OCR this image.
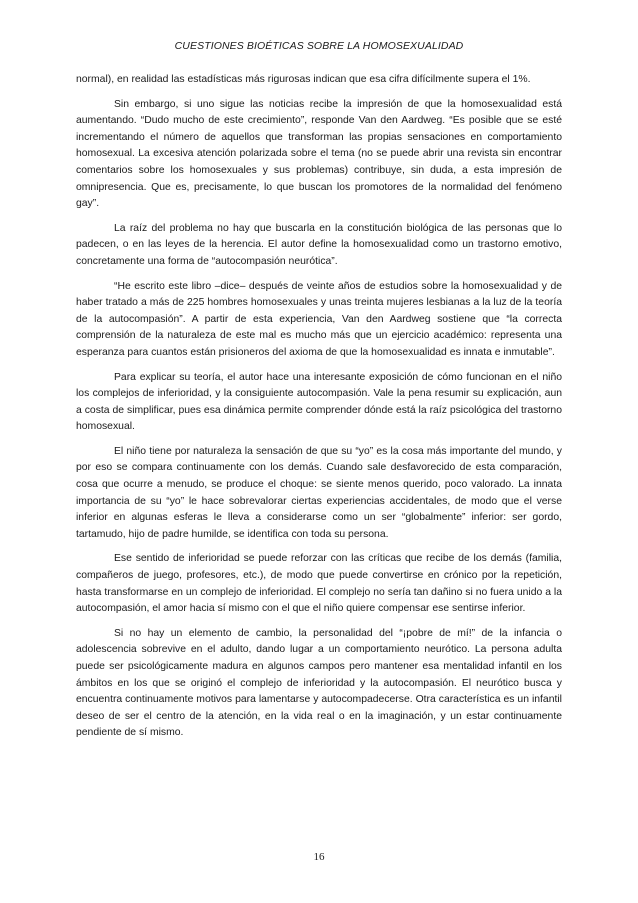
CUESTIONES BIOÉTICAS SOBRE LA HOMOSEXUALIDAD

normal), en realidad las estadísticas más rigurosas indican que esa cifra difícilmente supera el 1%.

Sin embargo, si uno sigue las noticias recibe la impresión de que la homosexualidad está aumentando. “Dudo mucho de este crecimiento”, responde Van den Aardweg. “Es posible que se esté incrementando el número de aquellos que transforman las propias sensaciones en comportamiento homosexual. La excesiva atención polarizada sobre el tema (no se puede abrir una revista sin encontrar comentarios sobre los homosexuales y sus problemas) contribuye, sin duda, a esta impresión de omnipresencia. Que es, precisamente, lo que buscan los promotores de la normalidad del fenómeno gay”.

La raíz del problema no hay que buscarla en la constitución biológica de las personas que lo padecen, o en las leyes de la herencia. El autor define la homosexualidad como un trastorno emotivo, concretamente una forma de “autocompasión neurótica”.

“He escrito este libro –dice– después de veinte años de estudios sobre la homosexualidad y de haber tratado a más de 225 hombres homosexuales y unas treinta mujeres lesbianas a la luz de la teoría de la autocompasión”. A partir de esta experiencia, Van den Aardweg sostiene que “la correcta comprensión de la naturaleza de este mal es mucho más que un ejercicio académico: representa una esperanza para cuantos están prisioneros del axioma de que la homosexualidad es innata e inmutable”.

Para explicar su teoría, el autor hace una interesante exposición de cómo funcionan en el niño los complejos de inferioridad, y la consiguiente autocompasión. Vale la pena resumir su explicación, aun a costa de simplificar, pues esa dinámica permite comprender dónde está la raíz psicológica del trastorno homosexual.

El niño tiene por naturaleza la sensación de que su “yo” es la cosa más importante del mundo, y por eso se compara continuamente con los demás. Cuando sale desfavorecido de esta comparación, cosa que ocurre a menudo, se produce el choque: se siente menos querido, poco valorado. La innata importancia de su “yo” le hace sobrevalorar ciertas experiencias accidentales, de modo que el verse inferior en algunas esferas le lleva a considerarse como un ser “globalmente” inferior: ser gordo, tartamudo, hijo de padre humilde, se identifica con toda su persona.

Ese sentido de inferioridad se puede reforzar con las críticas que recibe de los demás (familia, compañeros de juego, profesores, etc.), de modo que puede convertirse en crónico por la repetición, hasta transformarse en un complejo de inferioridad. El complejo no sería tan dañino si no fuera unido a la autocompasión, el amor hacia sí mismo con el que el niño quiere compensar ese sentirse inferior.

Si no hay un elemento de cambio, la personalidad del “¡pobre de mí!” de la infancia o adolescencia sobrevive en el adulto, dando lugar a un comportamiento neurótico. La persona adulta puede ser psicológicamente madura en algunos campos pero mantener esa mentalidad infantil en los ámbitos en los que se originó el complejo de inferioridad y la autocompasión. El neurótico busca y encuentra continuamente motivos para lamentarse y autocompadecerse. Otra característica es un infantil deseo de ser el centro de la atención, en la vida real o en la imaginación, y un estar continuamente pendiente de sí mismo.

16
